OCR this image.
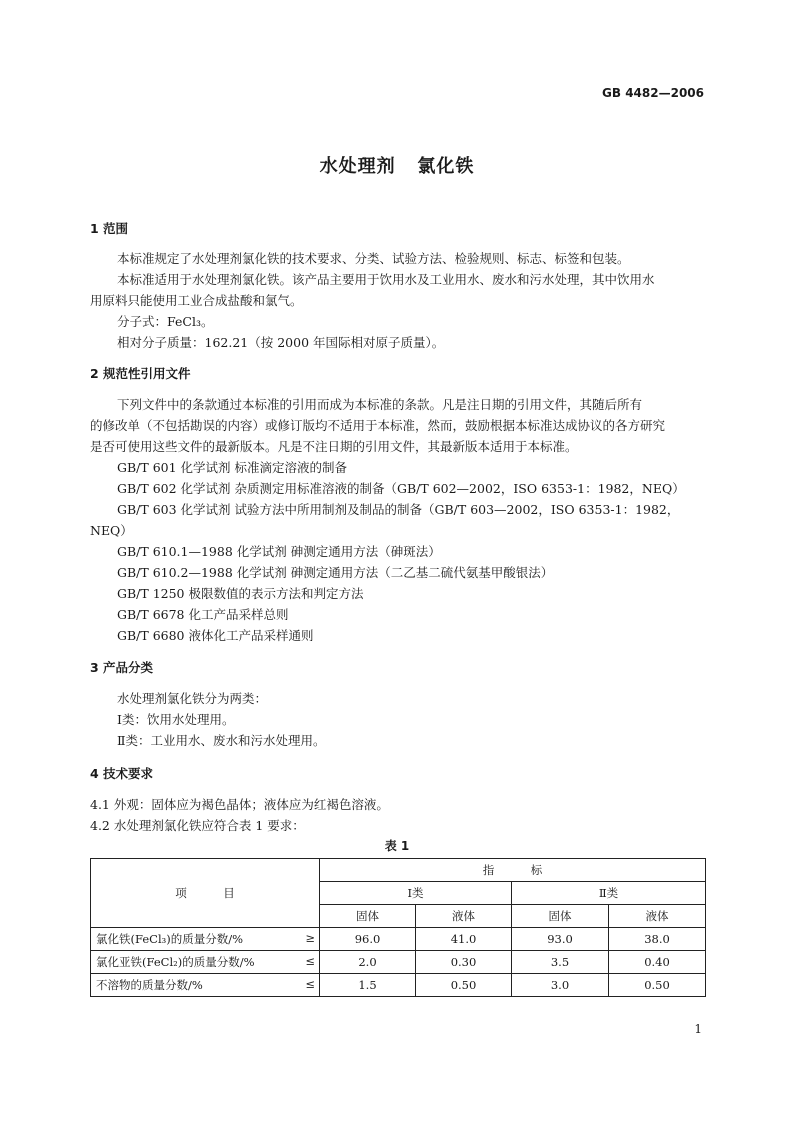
GB 4482—2006
水处理剂   氯化铁
1 范围
本标准规定了水处理剂氯化铁的技术要求、分类、试验方法、检验规则、标志、标签和包装。
本标准适用于水处理剂氯化铁。该产品主要用于饮用水及工业用水、废水和污水处理，其中饮用水
用原料只能使用工业合成盐酸和氯气。
分子式：FeCl₃。
相对分子质量：162.21（按 2000 年国际相对原子质量）。
2 规范性引用文件
下列文件中的条款通过本标准的引用而成为本标准的条款。凡是注日期的引用文件，其随后所有
的修改单（不包括勘误的内容）或修订版均不适用于本标准，然而，鼓励根据本标准达成协议的各方研究
是否可使用这些文件的最新版本。凡是不注日期的引用文件，其最新版本适用于本标准。
GB/T 601 化学试剂 标准滴定溶液的制备
GB/T 602 化学试剂 杂质测定用标准溶液的制备（GB/T 602—2002，ISO 6353-1：1982，NEQ）
GB/T 603 化学试剂 试验方法中所用制剂及制品的制备（GB/T 603—2002，ISO 6353-1：1982，
NEQ）
GB/T 610.1—1988 化学试剂 砷测定通用方法（砷斑法）
GB/T 610.2—1988 化学试剂 砷测定通用方法（二乙基二硫代氨基甲酸银法）
GB/T 1250 极限数值的表示方法和判定方法
GB/T 6678 化工产品采样总则
GB/T 6680 液体化工产品采样通则
3 产品分类
水处理剂氯化铁分为两类：
Ⅰ类：饮用水处理用。
Ⅱ类：工业用水、废水和污水处理用。
4 技术要求
4.1 外观：固体应为褐色晶体；液体应为红褐色溶液。
4.2 水处理剂氯化铁应符合表 1 要求：
表 1
项          目	指          标			
	Ⅰ类		Ⅱ类	
	固体	液体	固体	液体
氯化铁(FeCl₃)的质量分数/% ≥	96.0	41.0	93.0	38.0
氯化亚铁(FeCl₂)的质量分数/% ≤	2.0	0.30	3.5	0.40
不溶物的质量分数/% ≤	1.5	0.50	3.0	0.50
1
